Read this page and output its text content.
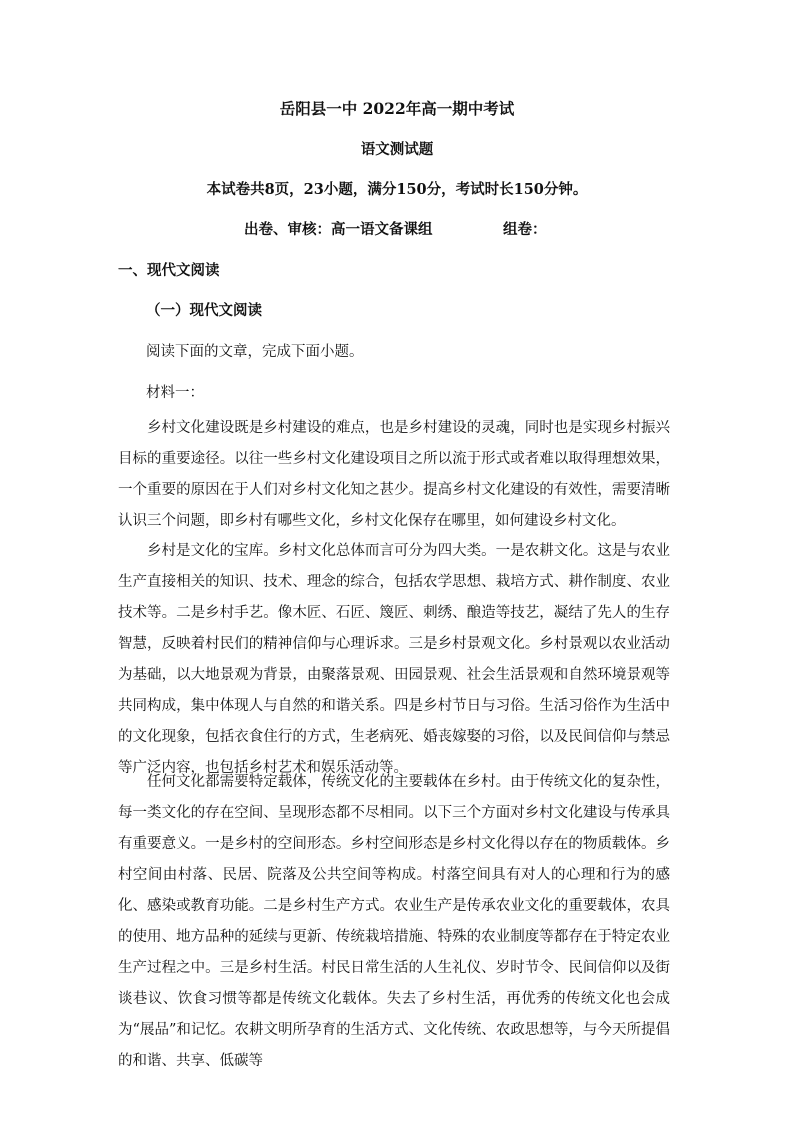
岳阳县一中 2022年高一期中考试
语文测试题
本试卷共8页，23小题，满分150分，考试时长150分钟。
出卷、审核：高一语文备课组	组卷：
一、现代文阅读
（一）现代文阅读
阅读下面的文章，完成下面小题。
材料一：
乡村文化建设既是乡村建设的难点，也是乡村建设的灵魂，同时也是实现乡村振兴目标的重要途径。以往一些乡村文化建设项目之所以流于形式或者难以取得理想效果，一个重要的原因在于人们对乡村文化知之甚少。提高乡村文化建设的有效性，需要清晰认识三个问题，即乡村有哪些文化，乡村文化保存在哪里，如何建设乡村文化。
乡村是文化的宝库。乡村文化总体而言可分为四大类。一是农耕文化。这是与农业生产直接相关的知识、技术、理念的综合，包括农学思想、栽培方式、耕作制度、农业技术等。二是乡村手艺。像木匠、石匠、篾匠、刺绣、酿造等技艺，凝结了先人的生存智慧，反映着村民们的精神信仰与心理诉求。三是乡村景观文化。乡村景观以农业活动为基础，以大地景观为背景，由聚落景观、田园景观、社会生活景观和自然环境景观等共同构成，集中体现人与自然的和谐关系。四是乡村节日与习俗。生活习俗作为生活中的文化现象，包括衣食住行的方式，生老病死、婚丧嫁娶的习俗，以及民间信仰与禁忌等广泛内容，也包括乡村艺术和娱乐活动等。
任何文化都需要特定载体，传统文化的主要载体在乡村。由于传统文化的复杂性，每一类文化的存在空间、呈现形态都不尽相同。以下三个方面对乡村文化建设与传承具有重要意义。一是乡村的空间形态。乡村空间形态是乡村文化得以存在的物质载体。乡村空间由村落、民居、院落及公共空间等构成。村落空间具有对人的心理和行为的感化、感染或教育功能。二是乡村生产方式。农业生产是传承农业文化的重要载体，农具的使用、地方品种的延续与更新、传统栽培措施、特殊的农业制度等都存在于特定农业生产过程之中。三是乡村生活。村民日常生活的人生礼仪、岁时节令、民间信仰以及街谈巷议、饮食习惯等都是传统文化载体。失去了乡村生活，再优秀的传统文化也会成为“展品”和记忆。农耕文明所孕育的生活方式、文化传统、农政思想等，与今天所提倡的和谐、共享、低碳等
